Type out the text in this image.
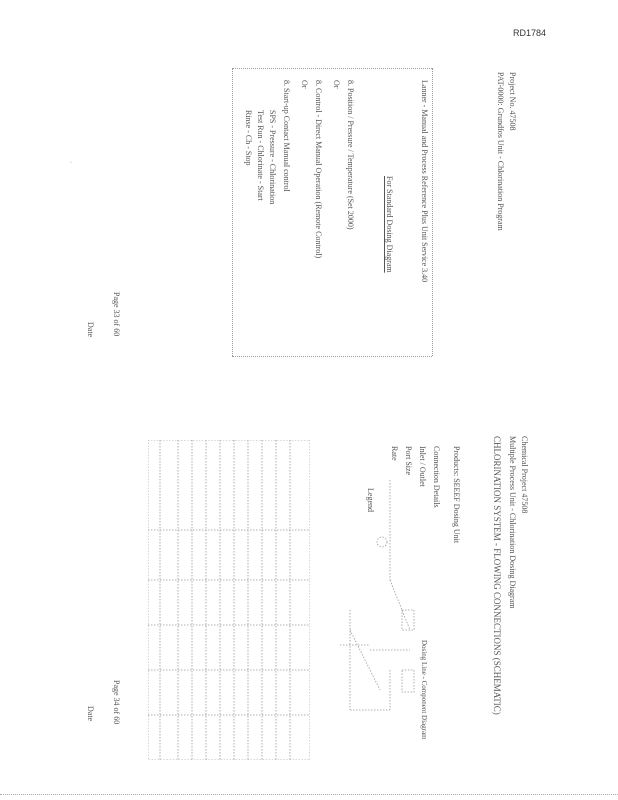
RD1784
Project No. 47508
PAT-0000: Grundfos Unit - Chlorination Program
Lanner - Manual and Process Reference Plus Unit Service 3.40
For Standard Dosing Diagram
8. Position / Pressure / Temperature (Set 2000)
Or
8. Control - Direct Manual Operation (Remote Control)
Or
8. Start-up Contact Manual control
SPS - Pressure - Chlorination
Test Run - Chlorinate - Start
Rinse - Ch - Stop
Page 33 of 60
Date
·
Chemical Project 47508
Multiple Process Unit - Chlorination Dosing Diagram
CHLORINATION SYSTEM - FLOWING CONNECTIONS (SCHEMATIC)
Products: SEEEF Dosing Unit
Connection Details
Inlet / Outlet
Port Size
Rate
Dosing Line - Component Diagram
Legend
Page 34 of 60
Date
